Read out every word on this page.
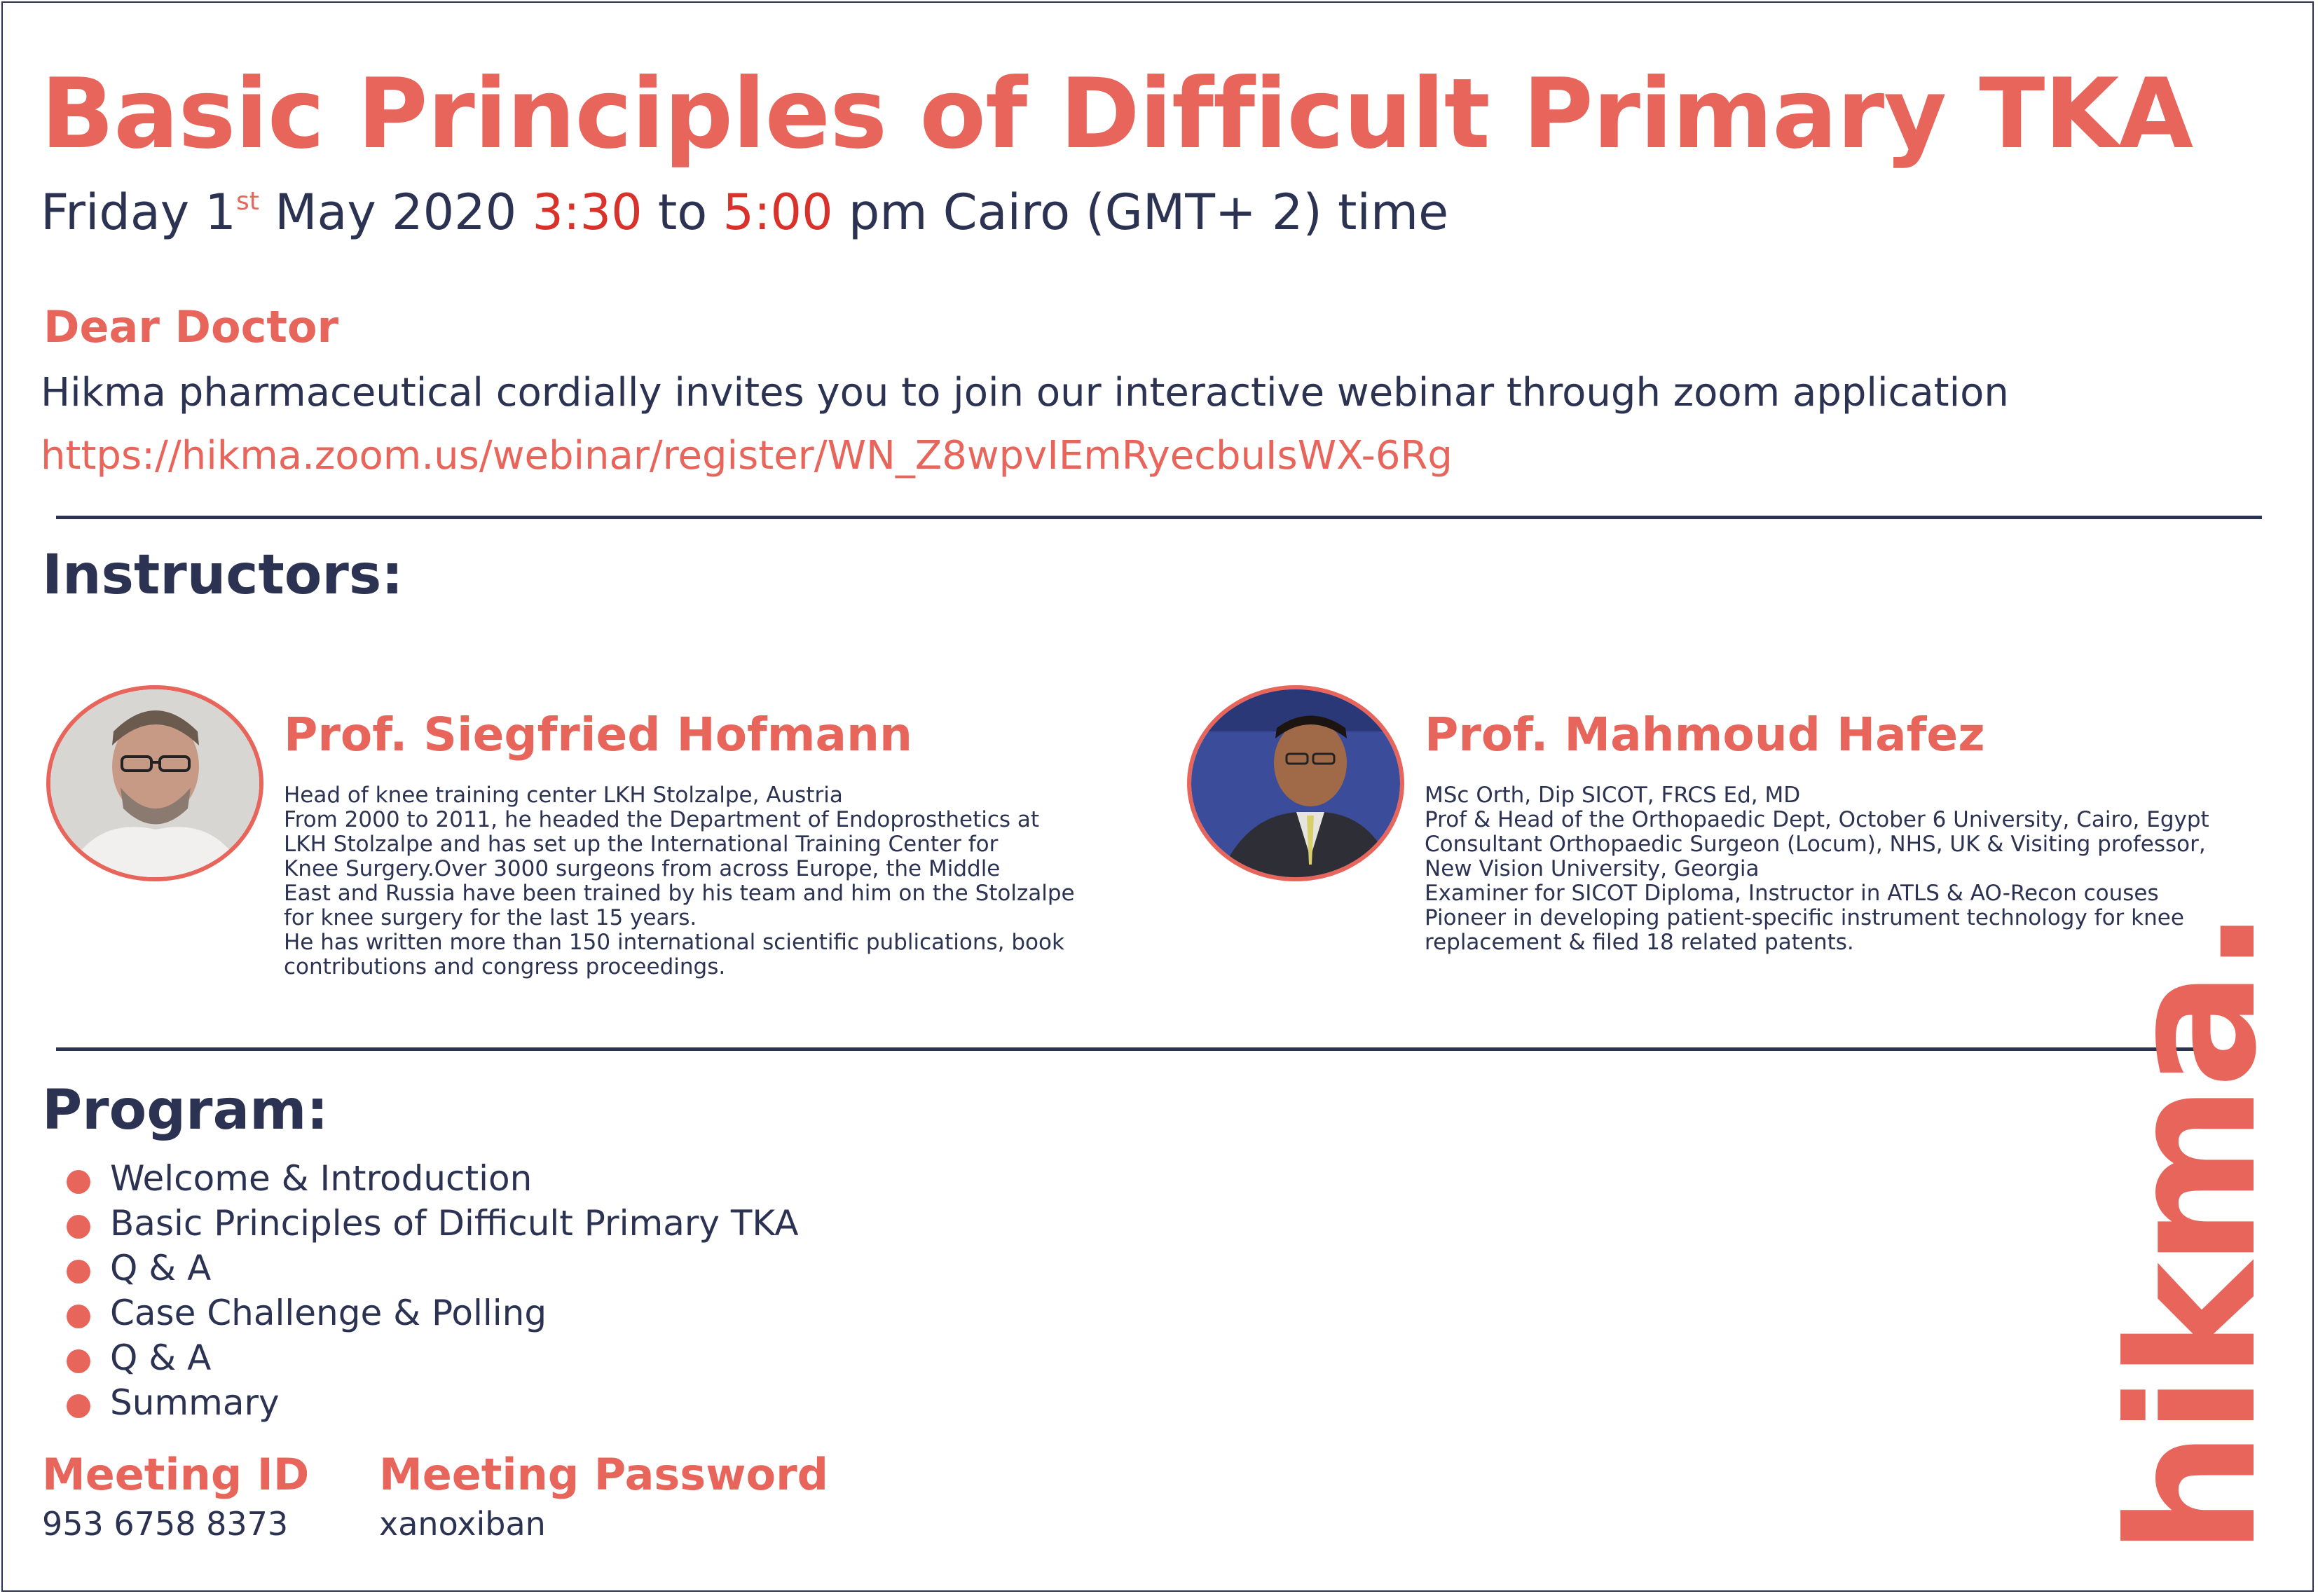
Basic Principles of Difficult Primary TKA
Friday 1st May 2020 3:30 to 5:00 pm Cairo (GMT+ 2) time
Dear Doctor
Hikma pharmaceutical cordially invites you to join our interactive webinar through zoom application
https://hikma.zoom.us/webinar/register/WN_Z8wpvIEmRyecbuIsWX-6Rg
Instructors:
Prof. Siegfried Hofmann
Head of knee training center LKH Stolzalpe, Austria
From 2000 to 2011, he headed the Department of Endoprosthetics at
LKH Stolzalpe and has set up the International Training Center for
Knee Surgery.Over 3000 surgeons from across Europe, the Middle
East and Russia have been trained by his team and him on the Stolzalpe
for knee surgery for the last 15 years.
He has written more than 150 international scientific publications, book
contributions and congress proceedings.
Prof. Mahmoud Hafez
MSc Orth, Dip SICOT, FRCS Ed, MD
Prof & Head of the Orthopaedic Dept, October 6 University, Cairo, Egypt
Consultant Orthopaedic Surgeon (Locum), NHS, UK & Visiting professor,
New Vision University, Georgia
Examiner for SICOT Diploma, Instructor in ATLS & AO-Recon couses
Pioneer in developing patient-specific instrument technology for knee
replacement & filed 18 related patents.
Program:
Welcome & Introduction
Basic Principles of Difficult Primary TKA
Q & A
Case Challenge & Polling
Q & A
Summary
Meeting ID
953 6758 8373
Meeting Password
xanoxiban	hikma.
